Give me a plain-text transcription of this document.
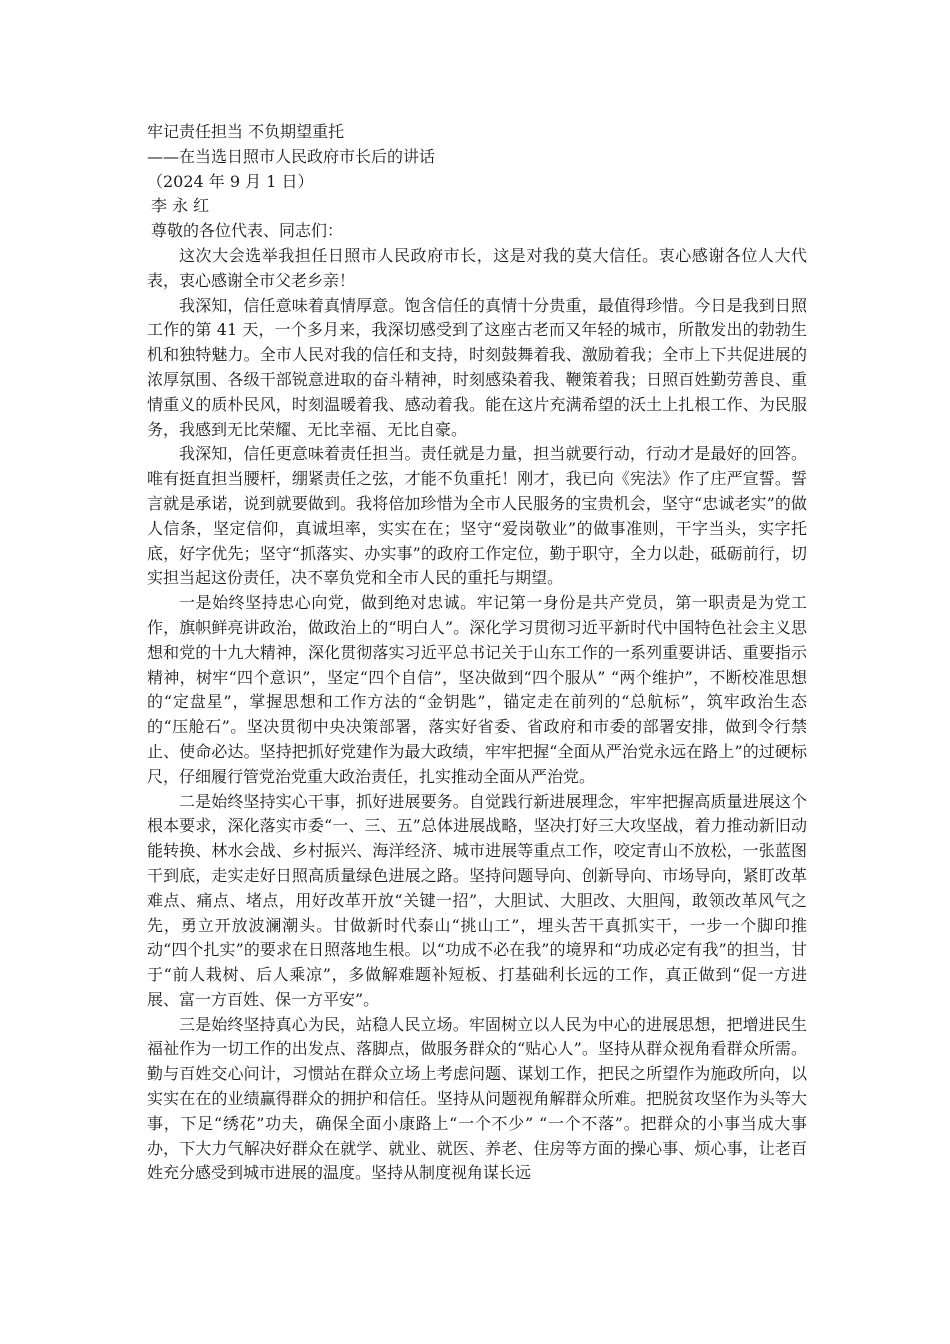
牢记责任担当 不负期望重托
——在当选日照市人民政府市长后的讲话
（2024 年 9 月 1 日）
李 永 红
尊敬的各位代表、同志们：

这次大会选举我担任日照市人民政府市长，这是对我的莫大信任。衷心感谢各位人大代表，衷心感谢全市父老乡亲！

我深知，信任意味着真情厚意。饱含信任的真情十分贵重，最值得珍惜。今日是我到日照工作的第 41 天，一个多月来，我深切感受到了这座古老而又年轻的城市，所散发出的勃勃生机和独特魅力。全市人民对我的信任和支持，时刻鼓舞着我、激励着我；全市上下共促进展的浓厚氛围、各级干部锐意进取的奋斗精神，时刻感染着我、鞭策着我；日照百姓勤劳善良、重情重义的质朴民风，时刻温暖着我、感动着我。能在这片充满希望的沃土上扎根工作、为民服务，我感到无比荣耀、无比幸福、无比自豪。

我深知，信任更意味着责任担当。责任就是力量，担当就要行动，行动才是最好的回答。唯有挺直担当腰杆，绷紧责任之弦，才能不负重托！刚才，我已向《宪法》作了庄严宣誓。誓言就是承诺，说到就要做到。我将倍加珍惜为全市人民服务的宝贵机会，坚守“忠诚老实”的做人信条，坚定信仰，真诚坦率，实实在在；坚守“爱岗敬业”的做事准则，干字当头，实字托底，好字优先；坚守“抓落实、办实事”的政府工作定位，勤于职守，全力以赴，砥砺前行，切实担当起这份责任，决不辜负党和全市人民的重托与期望。

一是始终坚持忠心向党，做到绝对忠诚。牢记第一身份是共产党员，第一职责是为党工作，旗帜鲜亮讲政治，做政治上的“明白人”。深化学习贯彻习近平新时代中国特色社会主义思想和党的十九大精神，深化贯彻落实习近平总书记关于山东工作的一系列重要讲话、重要指示精神，树牢“四个意识”，坚定“四个自信”，坚决做到“四个服从” “两个维护”，不断校准思想的“定盘星”，掌握思想和工作方法的“金钥匙”，锚定走在前列的“总航标”，筑牢政治生态的“压舱石”。坚决贯彻中央决策部署，落实好省委、省政府和市委的部署安排，做到令行禁止、使命必达。坚持把抓好党建作为最大政绩，牢牢把握“全面从严治党永远在路上”的过硬标尺，仔细履行管党治党重大政治责任，扎实推动全面从严治党。

二是始终坚持实心干事，抓好进展要务。自觉践行新进展理念，牢牢把握高质量进展这个根本要求，深化落实市委“一、三、五”总体进展战略，坚决打好三大攻坚战，着力推动新旧动能转换、林水会战、乡村振兴、海洋经济、城市进展等重点工作，咬定青山不放松，一张蓝图干到底，走实走好日照高质量绿色进展之路。坚持问题导向、创新导向、市场导向，紧盯改革难点、痛点、堵点，用好改革开放“关键一招”，大胆试、大胆改、大胆闯，敢领改革风气之先，勇立开放波澜潮头。甘做新时代泰山“挑山工”，埋头苦干真抓实干，一步一个脚印推动“四个扎实”的要求在日照落地生根。以“功成不必在我”的境界和“功成必定有我”的担当，甘于“前人栽树、后人乘凉”，多做解难题补短板、打基础利长远的工作，真正做到“促一方进展、富一方百姓、保一方平安”。

三是始终坚持真心为民，站稳人民立场。牢固树立以人民为中心的进展思想，把增进民生福祉作为一切工作的出发点、落脚点，做服务群众的“贴心人”。坚持从群众视角看群众所需。勤与百姓交心问计，习惯站在群众立场上考虑问题、谋划工作，把民之所望作为施政所向，以实实在在的业绩赢得群众的拥护和信任。坚持从问题视角解群众所难。把脱贫攻坚作为头等大事，下足“绣花”功夫，确保全面小康路上“一个不少” “一个不落”。把群众的小事当成大事办，下大力气解决好群众在就学、就业、就医、养老、住房等方面的操心事、烦心事，让老百姓充分感受到城市进展的温度。坚持从制度视角谋长远
